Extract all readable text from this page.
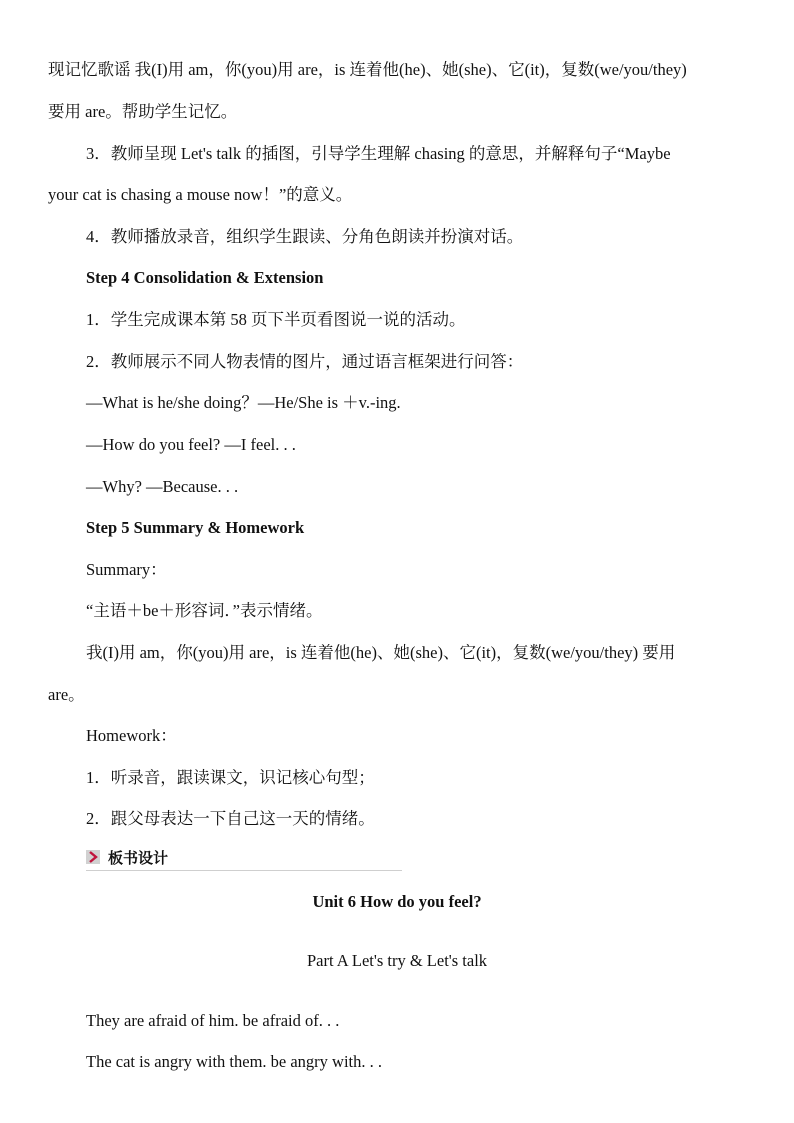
现记忆歌谣 我(I)用 am，你(you)用 are，is 连着他(he)、她(she)、它(it)，复数(we/you/they)
要用 are。帮助学生记忆。
3．教师呈现 Let's talk 的插图，引导学生理解 chasing 的意思，并解释句子“Maybe
your cat is chasing a mouse now！”的意义。
4．教师播放录音，组织学生跟读、分角色朗读并扮演对话。
Step 4 Consolidation & Extension
1．学生完成课本第 58 页下半页看图说一说的活动。
2．教师展示不同人物表情的图片，通过语言框架进行问答：
—What is he/she doing？—He/She is ＋v.-ing.
—How do you feel? —I feel. . .
—Why? —Because. . .
Step 5 Summary & Homework
Summary：
“主语＋be＋形容词．”表示情绪。
我(I)用 am，你(you)用 are，is 连着他(he)、她(she)、它(it)，复数(we/you/they) 要用
are。
Homework：
1．听录音，跟读课文，识记核心句型；
2．跟父母表达一下自己这一天的情绪。
板书设计
Unit 6 How do you feel?
Part A Let's try & Let's talk
They are afraid of him. be afraid of. . .
The cat is angry with them. be angry with. . .
